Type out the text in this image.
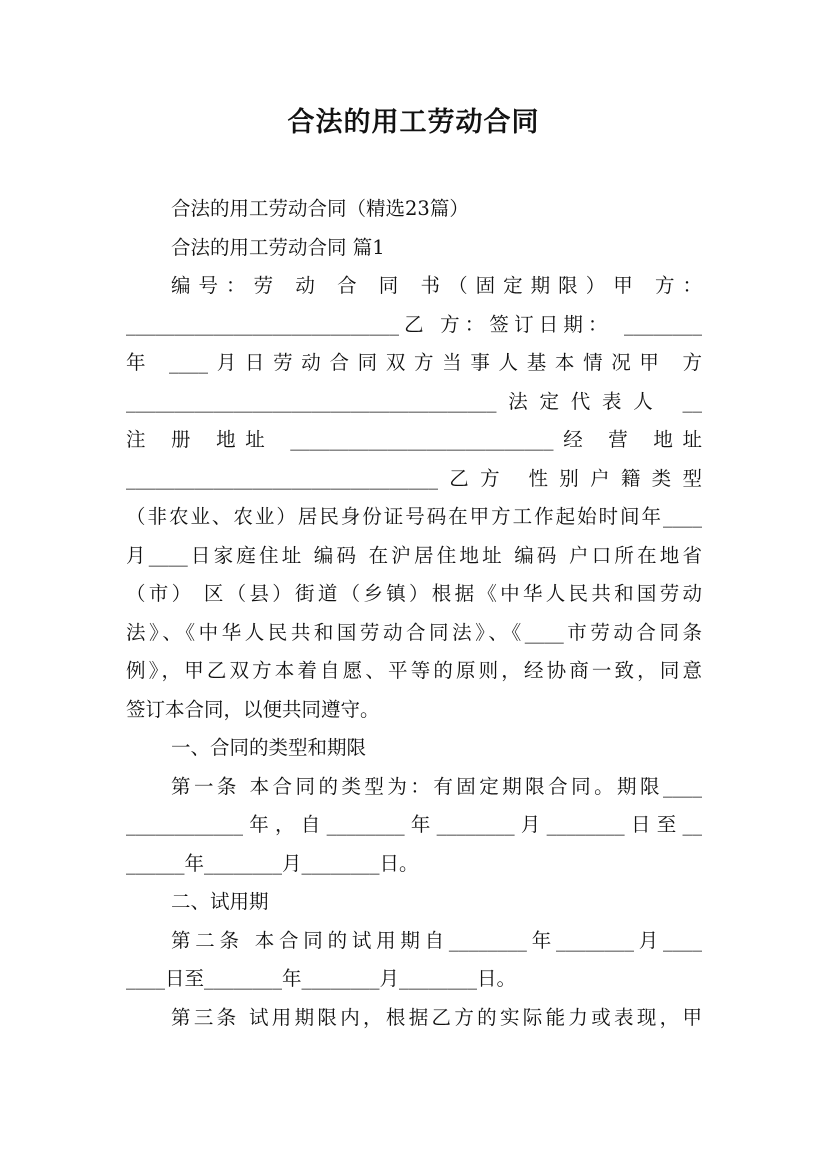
合法的用工劳动合同
合法的用工劳动合同（精选23篇）
合法的用工劳动合同 篇1
编号：劳 动 合 同 书（固定期限）甲 方：
____________________________乙 方：签订日期： ________
年 ____月日劳动合同双方当事人基本情况甲 方
______________________________________法定代表人 __
注 册 地址 ___________________________经 营 地址
________________________________乙方 性别户籍类型
（非农业、农业）居民身份证号码在甲方工作起始时间年____
月____日家庭住址 编码 在沪居住地址 编码 户口所在地省
（市） 区（县）街道（乡镇）根据《中华人民共和国劳动
法》、《中华人民共和国劳动合同法》、《____市劳动合同条
例》，甲乙双方本着自愿、平等的原则，经协商一致，同意
签订本合同，以便共同遵守。
一、合同的类型和期限
第一条 本合同的类型为：有固定期限合同。期限____
____________年，自________年________月________日至__
______年________月________日。
二、试用期
第二条 本合同的试用期自________年________月____
____日至________年________月________日。
第三条 试用期限内，根据乙方的实际能力或表现，甲
